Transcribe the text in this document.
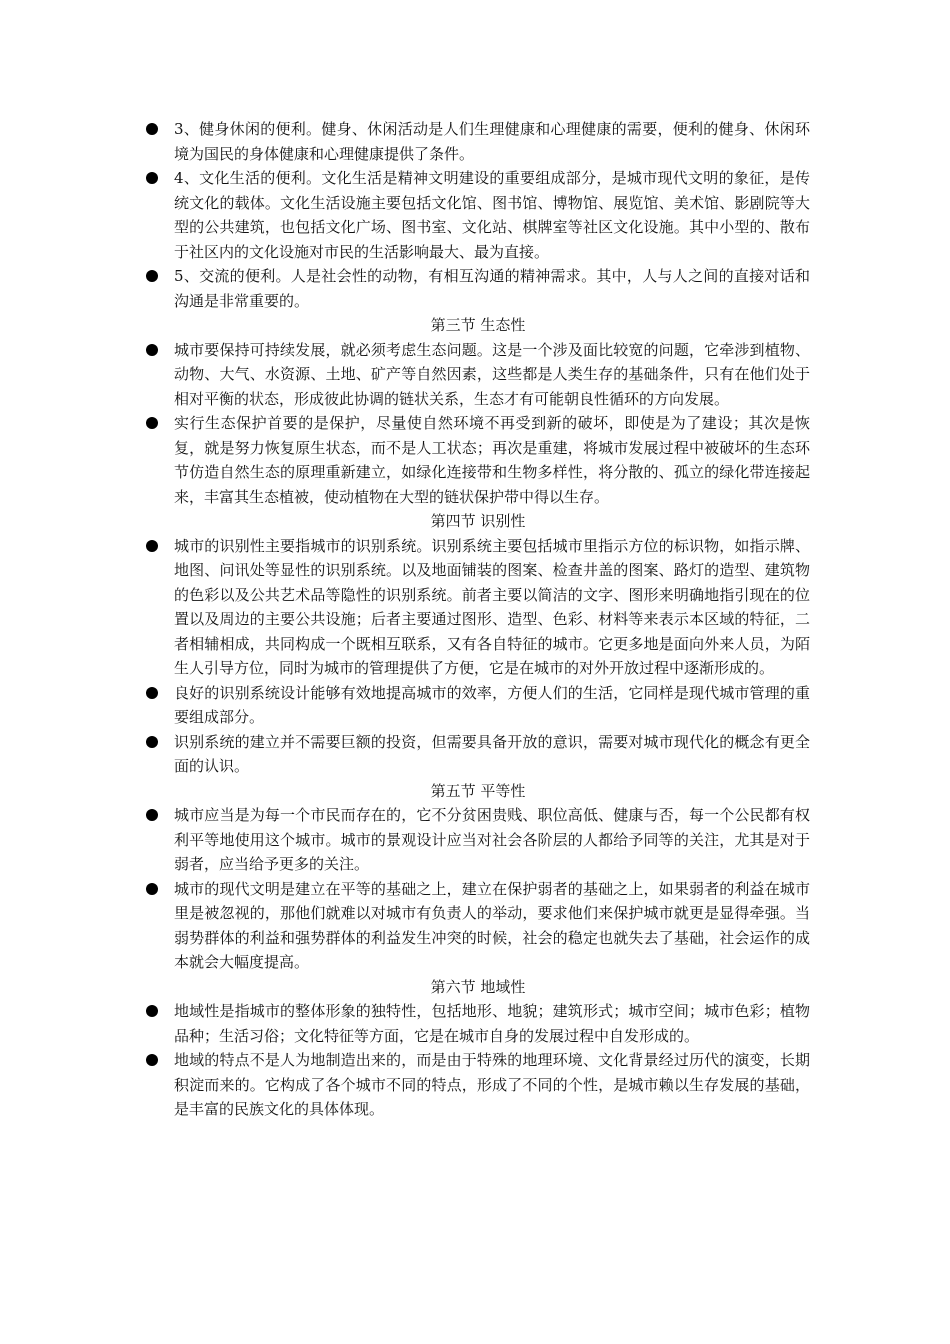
3、健身休闲的便利。健身、休闲活动是人们生理健康和心理健康的需要，便利的健身、休闲环境为国民的身体健康和心理健康提供了条件。
4、文化生活的便利。文化生活是精神文明建设的重要组成部分，是城市现代文明的象征，是传统文化的载体。文化生活设施主要包括文化馆、图书馆、博物馆、展览馆、美术馆、影剧院等大型的公共建筑，也包括文化广场、图书室、文化站、棋牌室等社区文化设施。其中小型的、散布于社区内的文化设施对市民的生活影响最大、最为直接。
5、交流的便利。人是社会性的动物，有相互沟通的精神需求。其中，人与人之间的直接对话和沟通是非常重要的。
第三节 生态性
城市要保持可持续发展，就必须考虑生态问题。这是一个涉及面比较宽的问题，它牵涉到植物、动物、大气、水资源、土地、矿产等自然因素，这些都是人类生存的基础条件，只有在他们处于相对平衡的状态，形成彼此协调的链状关系，生态才有可能朝良性循环的方向发展。
实行生态保护首要的是保护，尽量使自然环境不再受到新的破坏，即使是为了建设；其次是恢复，就是努力恢复原生状态，而不是人工状态；再次是重建，将城市发展过程中被破坏的生态环节仿造自然生态的原理重新建立，如绿化连接带和生物多样性，将分散的、孤立的绿化带连接起来，丰富其生态植被，使动植物在大型的链状保护带中得以生存。
第四节 识别性
城市的识别性主要指城市的识别系统。识别系统主要包括城市里指示方位的标识物，如指示牌、地图、问讯处等显性的识别系统。以及地面铺装的图案、检查井盖的图案、路灯的造型、建筑物的色彩以及公共艺术品等隐性的识别系统。前者主要以简洁的文字、图形来明确地指引现在的位置以及周边的主要公共设施；后者主要通过图形、造型、色彩、材料等来表示本区域的特征，二者相辅相成，共同构成一个既相互联系，又有各自特征的城市。它更多地是面向外来人员，为陌生人引导方位，同时为城市的管理提供了方便，它是在城市的对外开放过程中逐渐形成的。
良好的识别系统设计能够有效地提高城市的效率，方便人们的生活，它同样是现代城市管理的重要组成部分。
识别系统的建立并不需要巨额的投资，但需要具备开放的意识，需要对城市现代化的概念有更全面的认识。
第五节 平等性
城市应当是为每一个市民而存在的，它不分贫困贵贱、职位高低、健康与否，每一个公民都有权利平等地使用这个城市。城市的景观设计应当对社会各阶层的人都给予同等的关注，尤其是对于弱者，应当给予更多的关注。
城市的现代文明是建立在平等的基础之上，建立在保护弱者的基础之上，如果弱者的利益在城市里是被忽视的，那他们就难以对城市有负责人的举动，要求他们来保护城市就更是显得牵强。当弱势群体的利益和强势群体的利益发生冲突的时候，社会的稳定也就失去了基础，社会运作的成本就会大幅度提高。
第六节 地域性
地域性是指城市的整体形象的独特性，包括地形、地貌；建筑形式；城市空间；城市色彩；植物品种；生活习俗；文化特征等方面，它是在城市自身的发展过程中自发形成的。
地域的特点不是人为地制造出来的，而是由于特殊的地理环境、文化背景经过历代的演变，长期积淀而来的。它构成了各个城市不同的特点，形成了不同的个性，是城市赖以生存发展的基础，是丰富的民族文化的具体体现。
